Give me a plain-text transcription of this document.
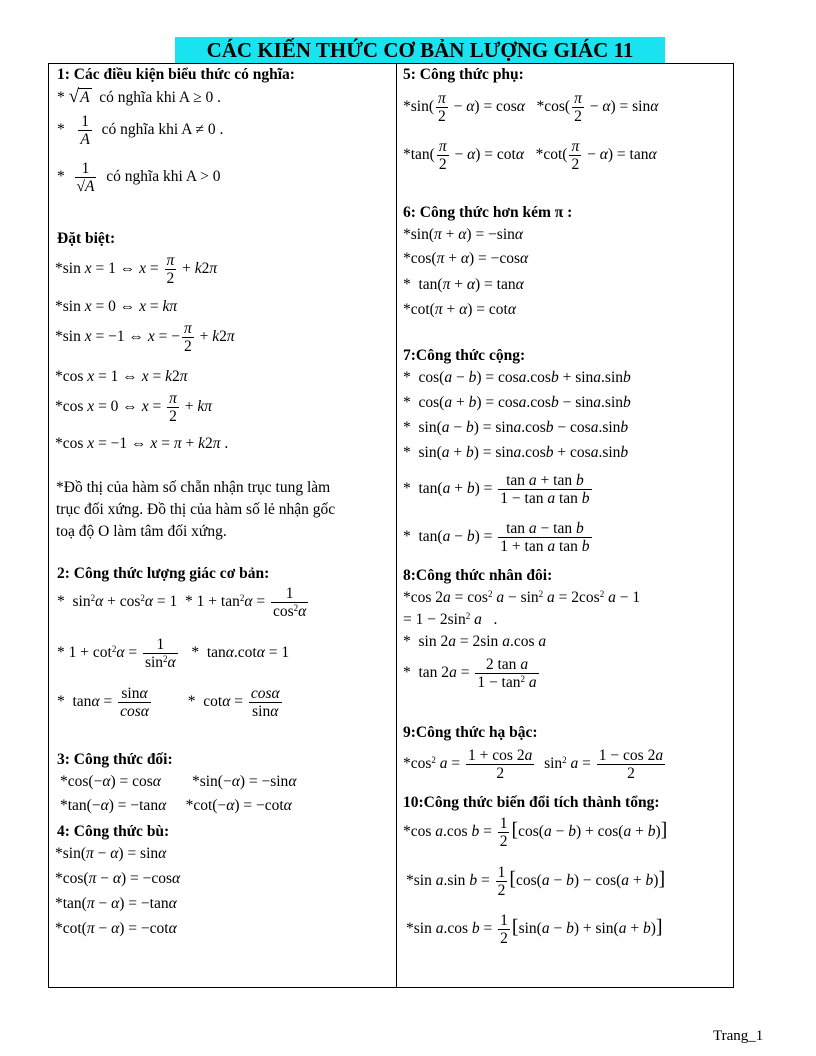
CÁC KIẾN THỨC CƠ BẢN LƯỢNG GIÁC 11
1: Các điều kiện biểu thức có nghĩa:
* √A có nghĩa khi A ≥ 0 .
* $\frac{1}{A}$ có nghĩa khi A ≠ 0 .
* $\frac{1}{√A}$ có nghĩa khi A > 0
Đặt biệt:
*sin x = 1 ⇔ $x = \frac{\pi}{2} + k2\pi$
*sin x = 0 ⇔ x = kπ
*sin x = −1 ⇔ x = − $\frac{\pi}{2} + k2\pi$
*cos x = 1 ⇔ x = k2π
*cos x = 0 ⇔ $x = \frac{\pi}{2} + k\pi$
*cos x = −1 ⇔ x = π + k2π .
*Đồ thị của hàm số chẵn nhận trục tung làm
trục đối xứng. Đồ thị của hàm số lẻ nhận gốc
toạ độ O làm tâm đối xứng.
2: Công thức lượng giác cơ bản:
*  $\sin^2\alpha + \cos^2\alpha = 1 * 1 + \tan^2\alpha = \frac{1}{\cos^2\alpha}$
* $1 + \cot^2\alpha = \frac{1}{\sin^2\alpha} * \tan\alpha.\cot\alpha = 1$
*  $\tan\alpha = \frac{\sin\alpha}{\cos\alpha} * \cot\alpha = \frac{\cos\alpha}{\sin\alpha}$
3: Công thức đối:
*cos(−α) = cosα        *sin(−α) = −sinα
*tan(−α) = −tanα     *cot(−α) = −cotα
4: Công thức bù:
*sin(π − α) = sinα
*cos(π − α) = −cosα
*tan(π − α) = −tanα
*cot(π − α) = −cotα
5: Công thức phụ:
$*\sin( \frac{\pi}{2} - \alpha) = \cos\alpha$   $*\cos( \frac{\pi}{2} - \alpha) = \sin\alpha$
$*\tan( \frac{\pi}{2} - \alpha) = \cot\alpha$   $*\cot( \frac{\pi}{2} - \alpha) = \tan\alpha$
6: Công thức hơn kém π :
*sin(π + α) = −sinα
*cos(π + α) = −cosα
*  tan(π + α) = tanα
*cot(π + α) = cotα
7:Công thức cộng:
*  cos(a − b) = cosa.cosb + sina.sinb
*  cos(a + b) = cosa.cosb − sina.sinb
*  sin(a − b) = sina.cosb − cosa.sinb
*  sin(a + b) = sina.cosb + cosa.sinb
*  $\tan(a + b) = \frac{\text{tan a + tan b}}{\text{1 − tan a tan b}}$
*  $\tan(a - b) = \frac{\text{tan a − tan b}}{\text{1 + tan a tan b}}$
8:Công thức nhân đôi:
*cos $2a = \cos^2 a - \sin^2 a = 2\cos^2$ a − 1
= $1 - 2\sin^2$ a   .
*  sin 2a = 2sin a.cos a
*  $\tan 2a = \frac{\text{2 tan a}}{1 - \tan^2 a}$
9:Công thức hạ bậc:
$*\cos^2$ $a = \frac{1 + \cos 2a}{2} \sin^2 a = \frac{1 - \cos 2a}{2}$
10:Công thức biến đổi tích thành tổng:
*cos a.cos $b = \frac{1}{2} [\cos(a - b) + \cos(a + b)]$
*sin a.sin $b = \frac{1}{2} [\cos(a - b) - \cos(a + b)]$
*sin a.cos $b = \frac{1}{2} [\sin(a - b) + \sin(a + b)]$
Trang_1
